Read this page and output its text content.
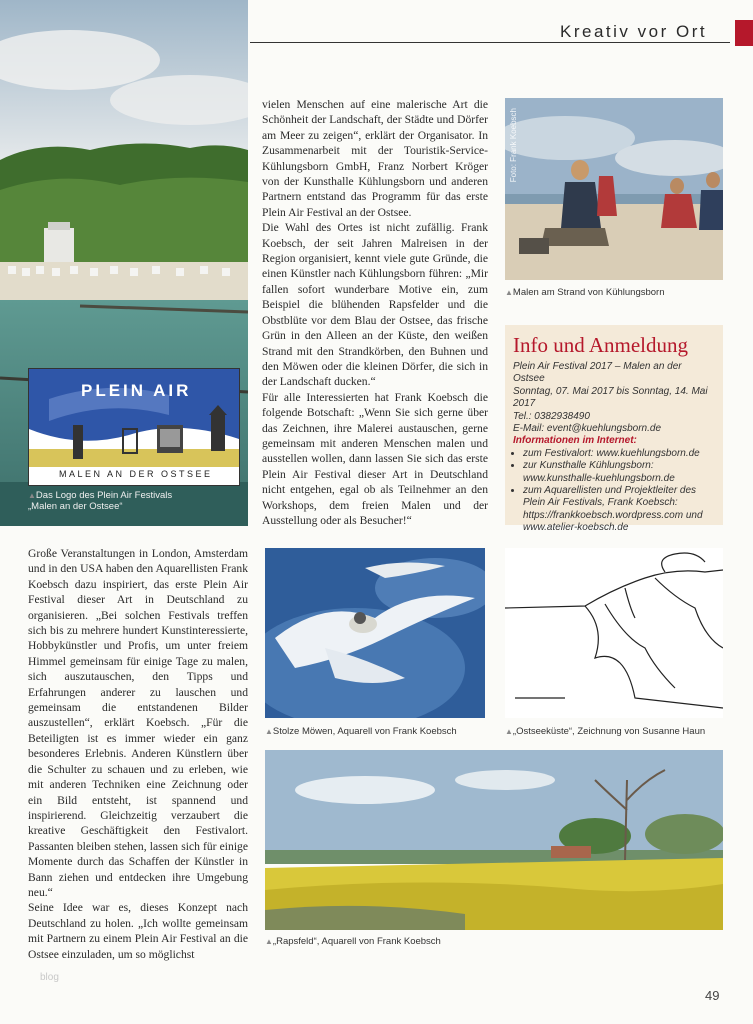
Kreativ vor Ort
PLEIN AIR
MALEN AN DER OSTSEE
▲ Das Logo des Plein Air Festivals „Malen an der Ostsee“

vielen Menschen auf eine malerische Art die Schönheit der Landschaft, der Städte und Dörfer am Meer zu zeigen“, erklärt der Organisator. In Zusammenarbeit mit der Touristik-Service-Kühlungsborn GmbH, Franz Norbert Kröger von der Kunsthalle Kühlungsborn und anderen Partnern entstand das Programm für das erste Plein Air Festival an der Ostsee.

Die Wahl des Ortes ist nicht zufällig. Frank Koebsch, der seit Jahren Malreisen in der Region organisiert, kennt viele gute Gründe, die einen Künstler nach Kühlungsborn führen: „Mir fallen sofort wunderbare Motive ein, zum Beispiel die blühenden Rapsfelder und die Obstblüte vor dem Blau der Ostsee, das frische Grün in den Alleen an der Küste, den weißen Strand mit den Strandkörben, den Buhnen und den Möwen oder die kleinen Dörfer, die sich in der Landschaft ducken.“

Für alle Interessierten hat Frank Koebsch die folgende Botschaft: „Wenn Sie sich gerne über das Zeichnen, ihre Malerei austauschen, gerne gemeinsam mit anderen Menschen malen und ausstellen wollen, dann lassen Sie sich das erste Plein Air Festival dieser Art in Deutschland nicht entgehen, egal ob als Teilnehmer an den Workshops, dem freien Malen und der Ausstellung oder als Besucher!“

Foto: Frank Koebsch
▲ Malen am Strand von Kühlungsborn
Info und Anmeldung
Plein Air Festival 2017 – Malen an der Ostsee
Sonntag, 07. Mai 2017 bis Sonntag, 14. Mai 2017
Tel.: 0382938490
E-Mail: event@kuehlungsborn.de
Informationen im Internet:
• zum Festivalort: www.kuehlungsborn.de
• zur Kunsthalle Kühlungsborn: www.kunsthalle-kuehlungsborn.de
• zum Aquarellisten und Projektleiter des Plein Air Festivals, Frank Koebsch: https://frankkoebsch.wordpress.com und www.atelier-koebsch.de

Große Veranstaltungen in London, Amsterdam und in den USA haben den Aquarellisten Frank Koebsch dazu inspiriert, das erste Plein Air Festival dieser Art in Deutschland zu organisieren. „Bei solchen Festivals treffen sich bis zu mehrere hundert Kunstinteressierte, Hobbykünstler und Profis, um unter freiem Himmel gemeinsam für einige Tage zu malen, sich auszutauschen, den Tipps und Erfahrungen anderer zu lauschen und gemeinsam die entstandenen Bilder auszustellen“, erklärt Koebsch. „Für die Beteiligten ist es immer wieder ein ganz besonderes Erlebnis. Anderen Künstlern über die Schulter zu schauen und zu erleben, wie mit anderen Techniken eine Zeichnung oder ein Bild entsteht, ist spannend und inspirierend. Gleichzeitig verzaubert die kreative Geschäftigkeit den Festivalort. Passanten bleiben stehen, lassen sich für einige Momente durch das Schaffen der Künstler in Bann ziehen und entdecken ihre Umgebung neu.“

Seine Idee war es, dieses Konzept nach Deutschland zu holen. „Ich wollte gemeinsam mit Partnern zu einem Plein Air Festival an die Ostsee einzuladen, um so möglichst

▲ Stolze Möwen, Aquarell von Frank Koebsch
▲	„Ostseeküste“, Zeichnung von Susanne Haun
▲ „Rapsfeld“, Aquarell von Frank Koebsch
blog
49
